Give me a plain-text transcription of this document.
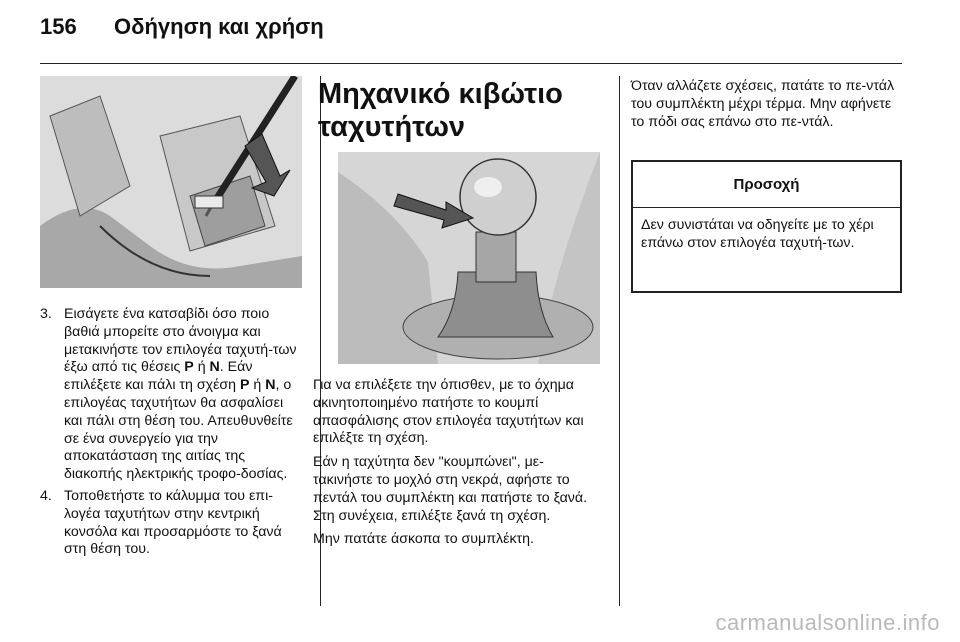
156	Οδήγηση και χρήση
3. Εισάγετε ένα κατσαβίδι όσο ποιο βαθιά μπορείτε στο άνοιγμα και μετακινήστε τον επιλογέα ταχυτή-των έξω από τις θέσεις P ή N. Εάν επιλέξετε και πάλι τη σχέση P ή N, ο επιλογέας ταχυτήτων θα ασφαλίσει και πάλι στη θέση του. Απευθυνθείτε σε ένα συνεργείο για την αποκατάσταση της αιτίας της διακοπής ηλεκτρικής τροφο-δοσίας.
4. Τοποθετήστε το κάλυμμα του επι-λογέα ταχυτήτων στην κεντρική κονσόλα και προσαρμόστε το ξανά στη θέση του.
Μηχανικό κιβώτιο ταχυτήτων

Για να επιλέξετε την όπισθεν, με το όχημα ακινητοποιημένο πατήστε το κουμπί απασφάλισης στον επιλογέα ταχυτήτων και επιλέξτε τη σχέση.

Εάν η ταχύτητα δεν "κουμπώνει", με-τακινήστε το μοχλό στη νεκρά, αφήστε το πεντάλ του συμπλέκτη και πατήστε το ξανά. Στη συνέχεια, επιλέξτε ξανά τη σχέση.

Μην πατάτε άσκοπα το συμπλέκτη.

Όταν αλλάζετε σχέσεις, πατάτε το πε-ντάλ του συμπλέκτη μέχρι τέρμα. Μην αφήνετε το πόδι σας επάνω στο πε-ντάλ.
Προσοχή
Δεν συνιστάται να οδηγείτε με το χέρι επάνω στον επιλογέα ταχυτή-των.
carmanualsonline.info
